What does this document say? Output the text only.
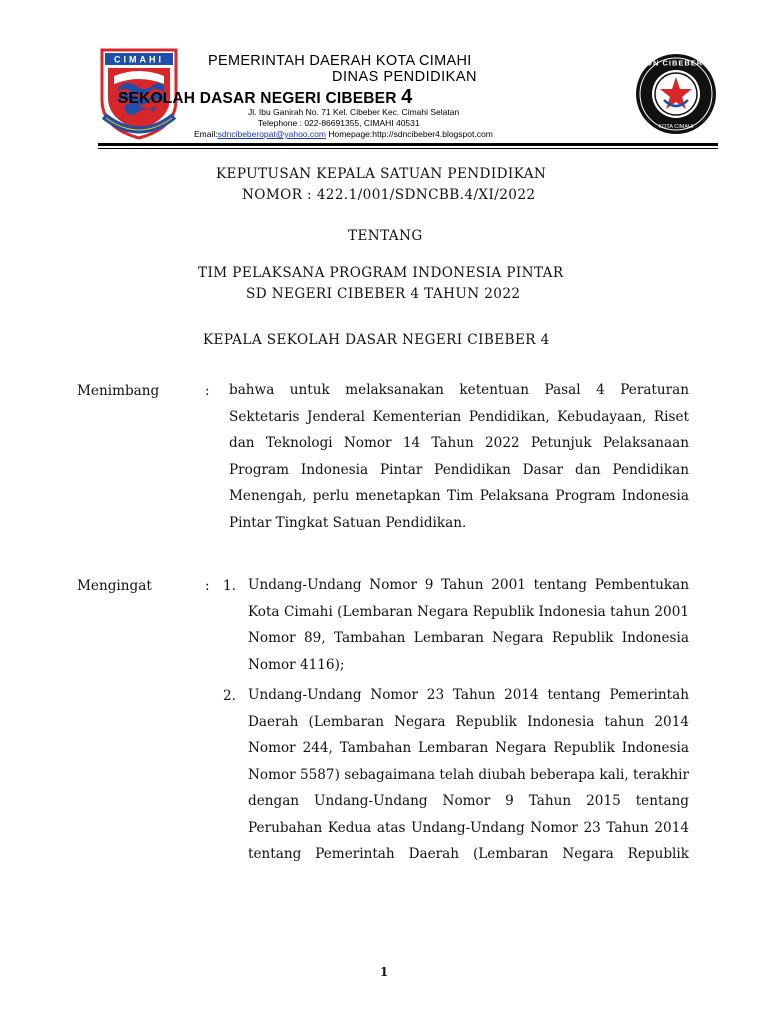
CIMAHI	SDN CIBEBER 4
KOTA CIMAHI
PEMERINTAH DAERAH KOTA CIMAHI
DINAS PENDIDIKAN
SEKOLAH DASAR NEGERI CIBEBER 4
Jl. Ibu Ganirah No. 71 Kel. Cibeber Kec. Cimahi Selatan
Telephone : 022-86691355, CIMAHI 40531
Email:sdncibeberopat@yahoo.com Homepage:http://sdncibeber4.blogspot.com
KEPUTUSAN KEPALA SATUAN PENDIDIKAN
NOMOR : 422.1/001/SDNCBB.4/XI/2022
TENTANG
TIM PELAKSANA PROGRAM INDONESIA PINTAR
SD NEGERI CIBEBER 4 TAHUN 2022
KEPALA SEKOLAH DASAR NEGERI CIBEBER 4
Menimbang	: bahwa untuk melaksanakan ketentuan Pasal 4 Peraturan Sektetaris Jenderal Kementerian Pendidikan, Kebudayaan, Riset dan Teknologi Nomor 14 Tahun 2022 Petunjuk Pelaksanaan Program Indonesia Pintar Pendidikan Dasar dan Pendidikan Menengah, perlu menetapkan Tim Pelaksana Program Indonesia Pintar Tingkat Satuan Pendidikan.
Mengingat	: 1. Undang-Undang Nomor 9 Tahun 2001 tentang Pembentukan Kota Cimahi (Lembaran Negara Republik Indonesia tahun 2001 Nomor 89, Tambahan Lembaran Negara Republik Indonesia Nomor 4116);
2. Undang-Undang Nomor 23 Tahun 2014 tentang Pemerintah Daerah (Lembaran Negara Republik Indonesia tahun 2014 Nomor 244, Tambahan Lembaran Negara Republik Indonesia Nomor 5587) sebagaimana telah diubah beberapa kali, terakhir dengan Undang-Undang Nomor 9 Tahun 2015 tentang Perubahan Kedua atas Undang-Undang Nomor 23 Tahun 2014 tentang Pemerintah Daerah (Lembaran Negara Republik
1
